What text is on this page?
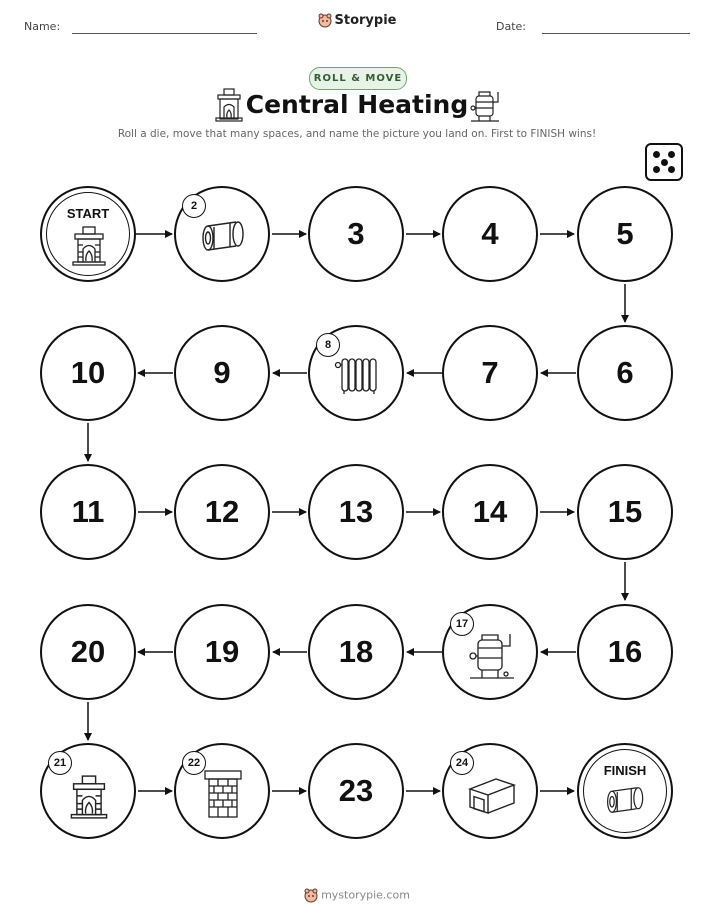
Name:	Storypie	Date:
ROLL & MOVE
Central Heating
Roll a die, move that many spaces, and name the picture you land on. First to FINISH wins!
START	2
3	4	5
10	9
8
7	6
11	12	13	14	15
20	19	18
17
16
21	22
23
24	FINISH
mystorypie.com
